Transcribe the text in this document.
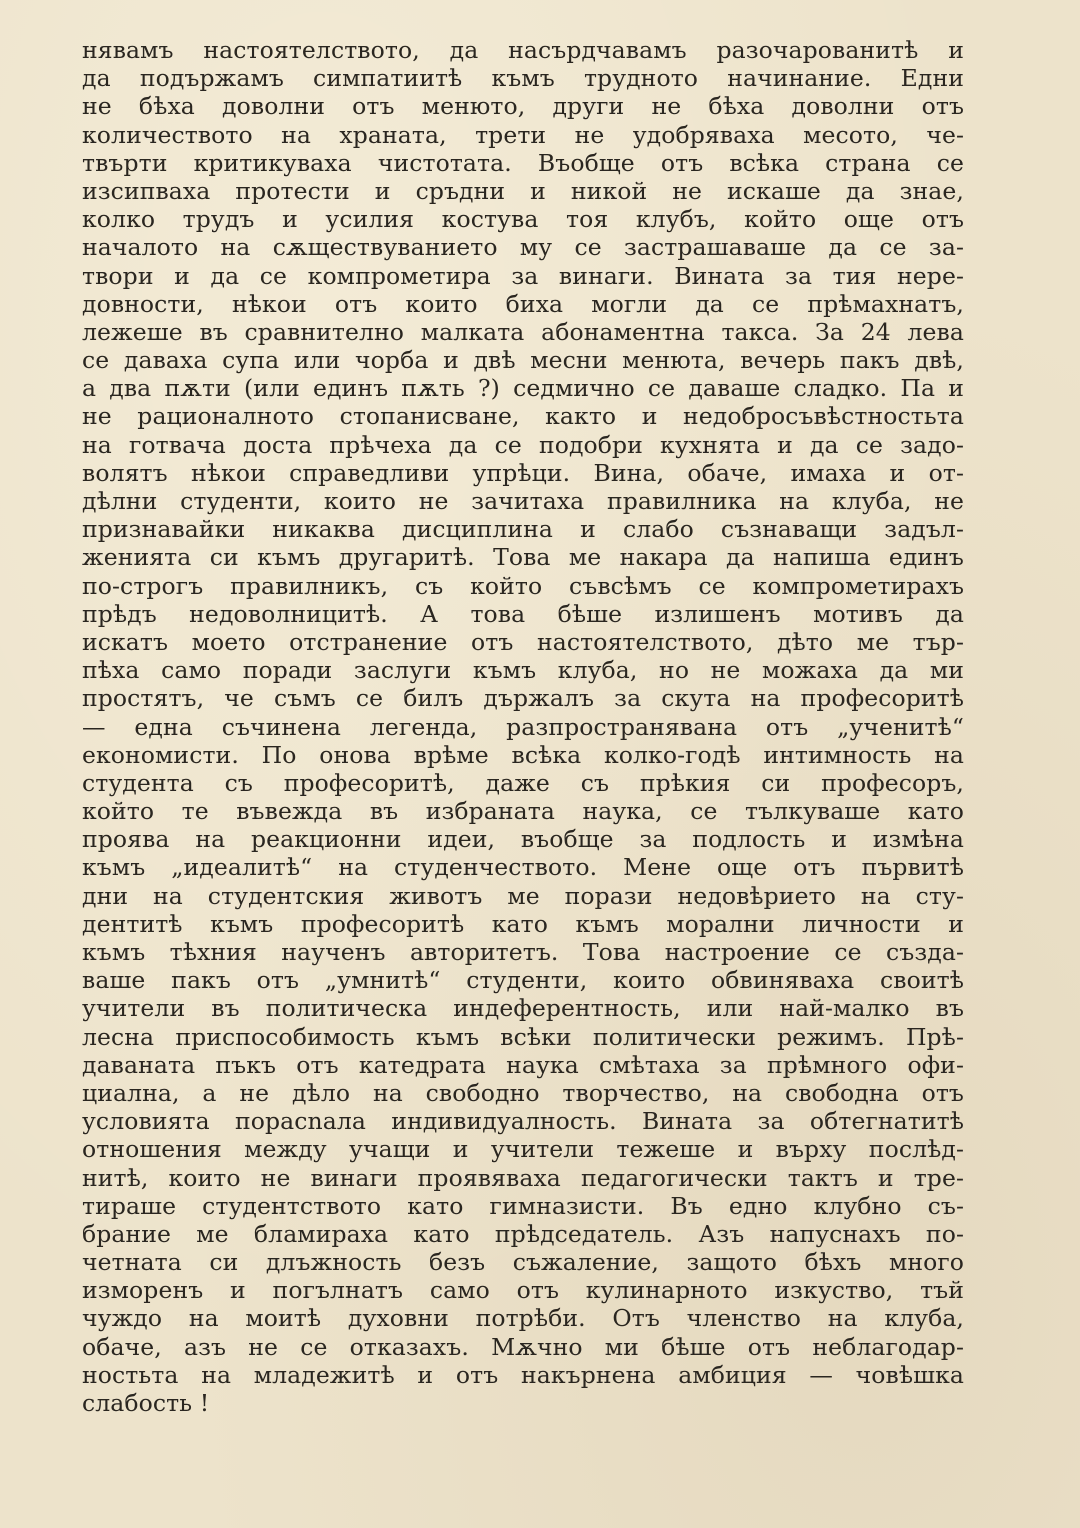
нявамъ настоятелството, да насърдчавамъ разочарованитѣ и
да подържамъ симпатиитѣ къмъ трудното начинание. Едни
не бѣха доволни отъ менюто, други не бѣха доволни отъ
количеството на храната, трети не удобряваха месото, че-
твърти критикуваха чистотата. Въобще отъ всѣка страна се
изсипваха протести и сръдни и никой не искаше да знае,
колко трудъ и усилия костува тоя клубъ, който още отъ
началото на сѫществуванието му се застрашаваше да се за-
твори и да се компрометира за винаги. Вината за тия нере-
довности, нѣкои отъ които биха могли да се прѣмахнатъ,
лежеше въ сравнително малката абонаментна такса. За 24 лева
се даваха супа или чорба и двѣ месни менюта, вечерь пакъ двѣ,
а два пѫти (или единъ пѫть ?) седмично се даваше сладко. Па и
не рационалното стопанисване, както и недобросъвѣстностьта
на готвача доста прѣчеха да се подобри кухнята и да се задо-
волятъ нѣкои справедливи упрѣци. Вина, обаче, имаха и от-
дѣлни студенти, които не зачитаха правилника на клуба, не
признавайки никаква дисциплина и слабо съзнаващи задъл-
женията си къмъ другаритѣ. Това ме накара да напиша единъ
по-строгъ правилникъ, съ който съвсѣмъ се компрометирахъ
прѣдъ недоволницитѣ. А това бѣше излишенъ мотивъ да
искатъ моето отстранение отъ настоятелството, дѣто ме тър-
пѣха само поради заслуги къмъ клуба, но не можаха да ми
простятъ, че съмъ се билъ държалъ за скута на професоритѣ
— една съчинена легенда, разпространявана отъ „ученитѣ“
економисти. По онова врѣме всѣка колко-годѣ интимность на
студента съ професоритѣ, даже съ прѣкия си професоръ,
който те въвежда въ избраната наука, се тълкуваше като
проява на реакционни идеи, въобще за подлость и измѣна
къмъ „идеалитѣ“ на студенчеството. Мене още отъ първитѣ
дни на студентския животъ ме порази недовѣрието на сту-
дентитѣ къмъ професоритѣ като къмъ морални личности и
къмъ тѣхния наученъ авторитетъ. Това настроение се създа-
ваше пакъ отъ „умнитѣ“ студенти, които обвиняваха своитѣ
учители въ политическа индеферентность, или най-малко въ
лесна приспособимость къмъ всѣки политически режимъ. Прѣ-
даваната пъкъ отъ катедрата наука смѣтаха за прѣмного офи-
циална, а не дѣло на свободно творчество, на свободна отъ
условията порасnала индивидуалность. Вината за обтегнатитѣ
отношения между учащи и учители тежеше и върху послѣд-
нитѣ, които не винаги проявяваха педагогически тактъ и тре-
тираше студентството като гимназисти. Въ едно клубно съ-
брание ме бламираха като прѣдседатель. Азъ напуснахъ по-
четната си длъжность безъ съжаление, защото бѣхъ много
изморенъ и погълнатъ само отъ кулинарното изкуство, тъй
чуждо на моитѣ духовни потрѣби. Отъ членство на клуба,
обаче, азъ не се отказахъ. Мѫчно ми бѣше отъ неблагодар-
ностьта на младежитѣ и отъ накърнена амбиция — човѣшка
слабость !
